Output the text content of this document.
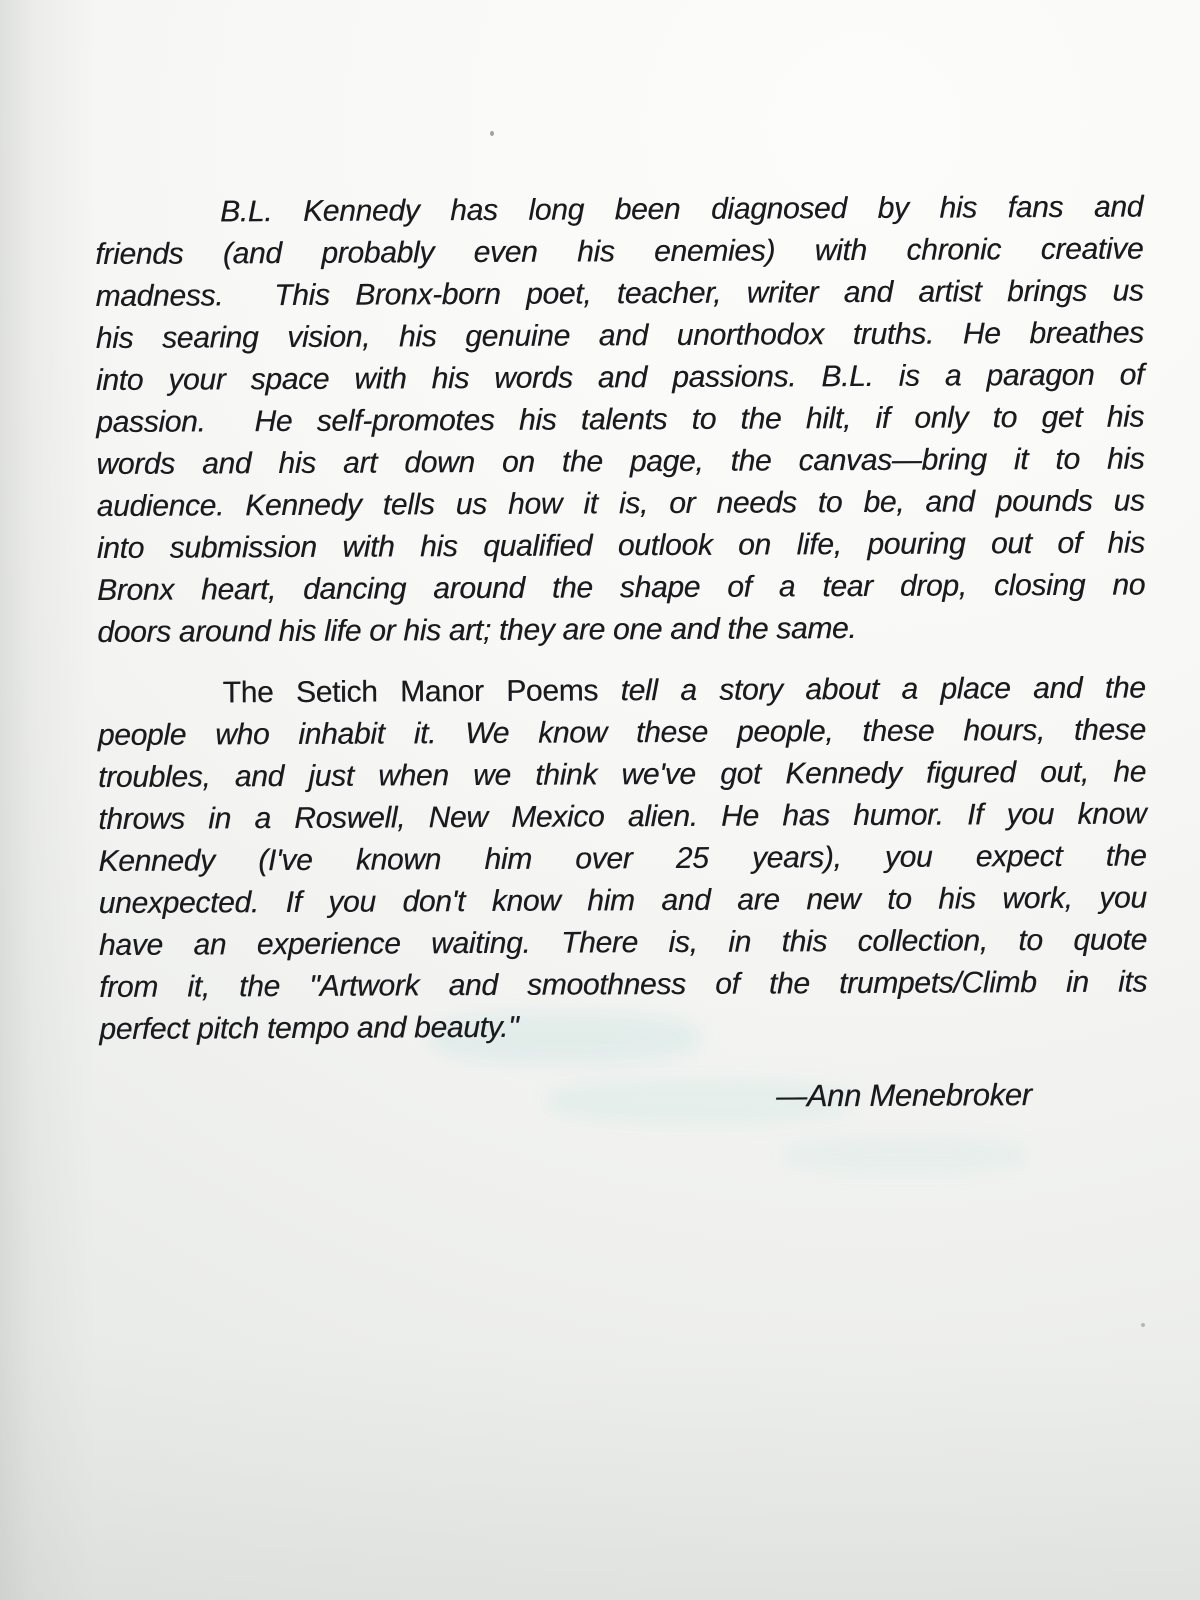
B.L. Kennedy has long been diagnosed by his fans and
friends (and probably even his enemies) with chronic creative
madness.  This Bronx-born poet, teacher, writer and artist brings us
his searing vision, his genuine and unorthodox truths. He breathes
into your space with his words and passions. B.L. is a paragon of
passion.  He self-promotes his talents to the hilt, if only to get his
words and his art down on the page, the canvas—bring it to his
audience. Kennedy tells us how it is, or needs to be, and pounds us
into submission with his qualified outlook on life, pouring out of his
Bronx heart, dancing around the shape of a tear drop, closing no
doors around his life or his art; they are one and the same.
The Setich Manor Poems tell a story about a place and the
people who inhabit it. We know these people, these hours, these
troubles, and just when we think we've got Kennedy figured out, he
throws in a Roswell, New Mexico alien. He has humor. If you know
Kennedy (I've known him over 25 years), you expect the
unexpected. If you don't know him and are new to his work, you
have an experience waiting. There is, in this collection, to quote
from it, the "Artwork and smoothness of the trumpets/Climb in its
perfect pitch tempo and beauty."
—Ann Menebroker
